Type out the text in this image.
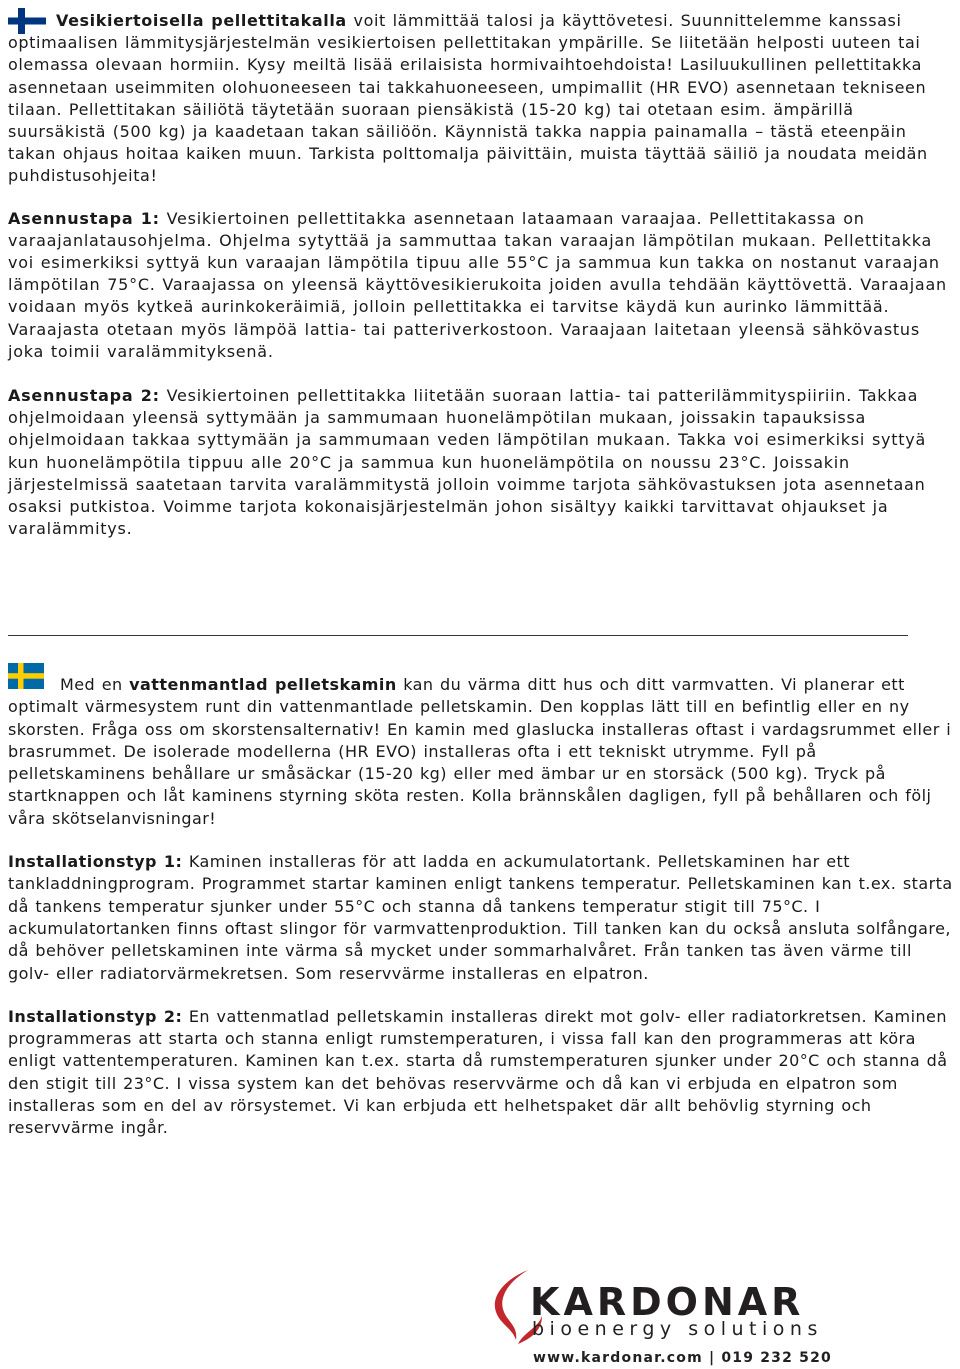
Vesikiertoisella pellettitakalla voit lämmittää talosi ja käyttövetesi. Suunnittelemme kanssasi optimaalisen lämmitysjärjestelmän vesikiertoisen pellettitakan ympärille. Se liitetään helposti uuteen tai olemassa olevaan hormiin. Kysy meiltä lisää erilaisista hormivaihtoehdoista! Lasiluukullinen pellettitakka asennetaan useimmiten olohuoneeseen tai takkahuoneeseen, umpimallit (HR EVO) asennetaan tekniseen tilaan. Pellettitakan säiliötä täytetään suoraan piensäkistä (15-20 kg) tai otetaan esim. ämpärillä suursäkistä (500 kg) ja kaadetaan takan säiliöön. Käynnistä takka nappia painamalla – tästä eteenpäin takan ohjaus hoitaa kaiken muun. Tarkista polttomalja päivittäin, muista täyttää säiliö ja noudata meidän puhdistusohjeita!

Asennustapa 1: Vesikiertoinen pellettitakka asennetaan lataamaan varaajaa. Pellettitakassa on varaajanlatausohjelma. Ohjelma sytyttää ja sammuttaa takan varaajan lämpötilan mukaan. Pellettitakka voi esimerkiksi syttyä kun varaajan lämpötila tipuu alle 55°C ja sammua kun takka on nostanut varaajan lämpötilan 75°C. Varaajassa on yleensä käyttövesikierukoita joiden avulla tehdään käyttövettä. Varaajaan voidaan myös kytkeä aurinkokeräimiä, jolloin pellettitakka ei tarvitse käydä kun aurinko lämmittää. Varaajasta otetaan myös lämpöä lattia- tai patteriverkostoon. Varaajaan laitetaan yleensä sähkövastus joka toimii varalämmityksenä.

Asennustapa 2: Vesikiertoinen pellettitakka liitetään suoraan lattia- tai patterilämmityspiiriin. Takkaa ohjelmoidaan yleensä syttymään ja sammumaan huonelämpötilan mukaan, joissakin tapauksissa ohjelmoidaan takkaa syttymään ja sammumaan veden lämpötilan mukaan. Takka voi esimerkiksi syttyä kun huonelämpötila tippuu alle 20°C ja sammua kun huonelämpötila on noussu 23°C. Joissakin järjestelmissä saatetaan tarvita varalämmitystä jolloin voimme tarjota sähkövastuksen jota asennetaan osaksi putkistoa. Voimme tarjota kokonaisjärjestelmän johon sisältyy kaikki tarvittavat ohjaukset ja varalämmitys.

Med en vattenmantlad pelletskamin kan du värma ditt hus och ditt varmvatten. Vi planerar ett optimalt värmesystem runt din vattenmantlade pelletskamin. Den kopplas lätt till en befintlig eller en ny skorsten. Fråga oss om skorstensalternativ! En kamin med glaslucka installeras oftast i vardagsrummet eller i brasrummet. De isolerade modellerna (HR EVO) installeras ofta i ett tekniskt utrymme. Fyll på pelletskaminens behållare ur småsäckar (15-20 kg) eller med ämbar ur en storsäck (500 kg). Tryck på startknappen och låt kaminens styrning sköta resten. Kolla brännskålen dagligen, fyll på behållaren och följ våra skötselanvisningar!

Installationstyp 1: Kaminen installeras för att ladda en ackumulatortank. Pelletskaminen har ett tankladdningprogram. Programmet startar kaminen enligt tankens temperatur. Pelletskaminen kan t.ex. starta då tankens temperatur sjunker under 55°C och stanna då tankens temperatur stigit till 75°C. I ackumulatortanken finns oftast slingor för varmvattenproduktion. Till tanken kan du också ansluta solfångare, då behöver pelletskaminen inte värma så mycket under sommarhalvåret. Från tanken tas även värme till golv- eller radiatorvärmekretsen. Som reservvärme installeras en elpatron.

Installationstyp 2: En vattenmatlad pelletskamin installeras direkt mot golv- eller radiatorkretsen. Kaminen programmeras att starta och stanna enligt rumstemperaturen, i vissa fall kan den programmeras att köra enligt vattentemperaturen. Kaminen kan t.ex. starta då rumstemperaturen sjunker under 20°C och stanna då den stigit till 23°C. I vissa system kan det behövas reservvärme och då kan vi erbjuda en elpatron som installeras som en del av rörsystemet. Vi kan erbjuda ett helhetspaket där allt behövlig styrning och reservvärme ingår.

KARDONAR
bioenergy solutions
www.kardonar.com | 019 232 520
